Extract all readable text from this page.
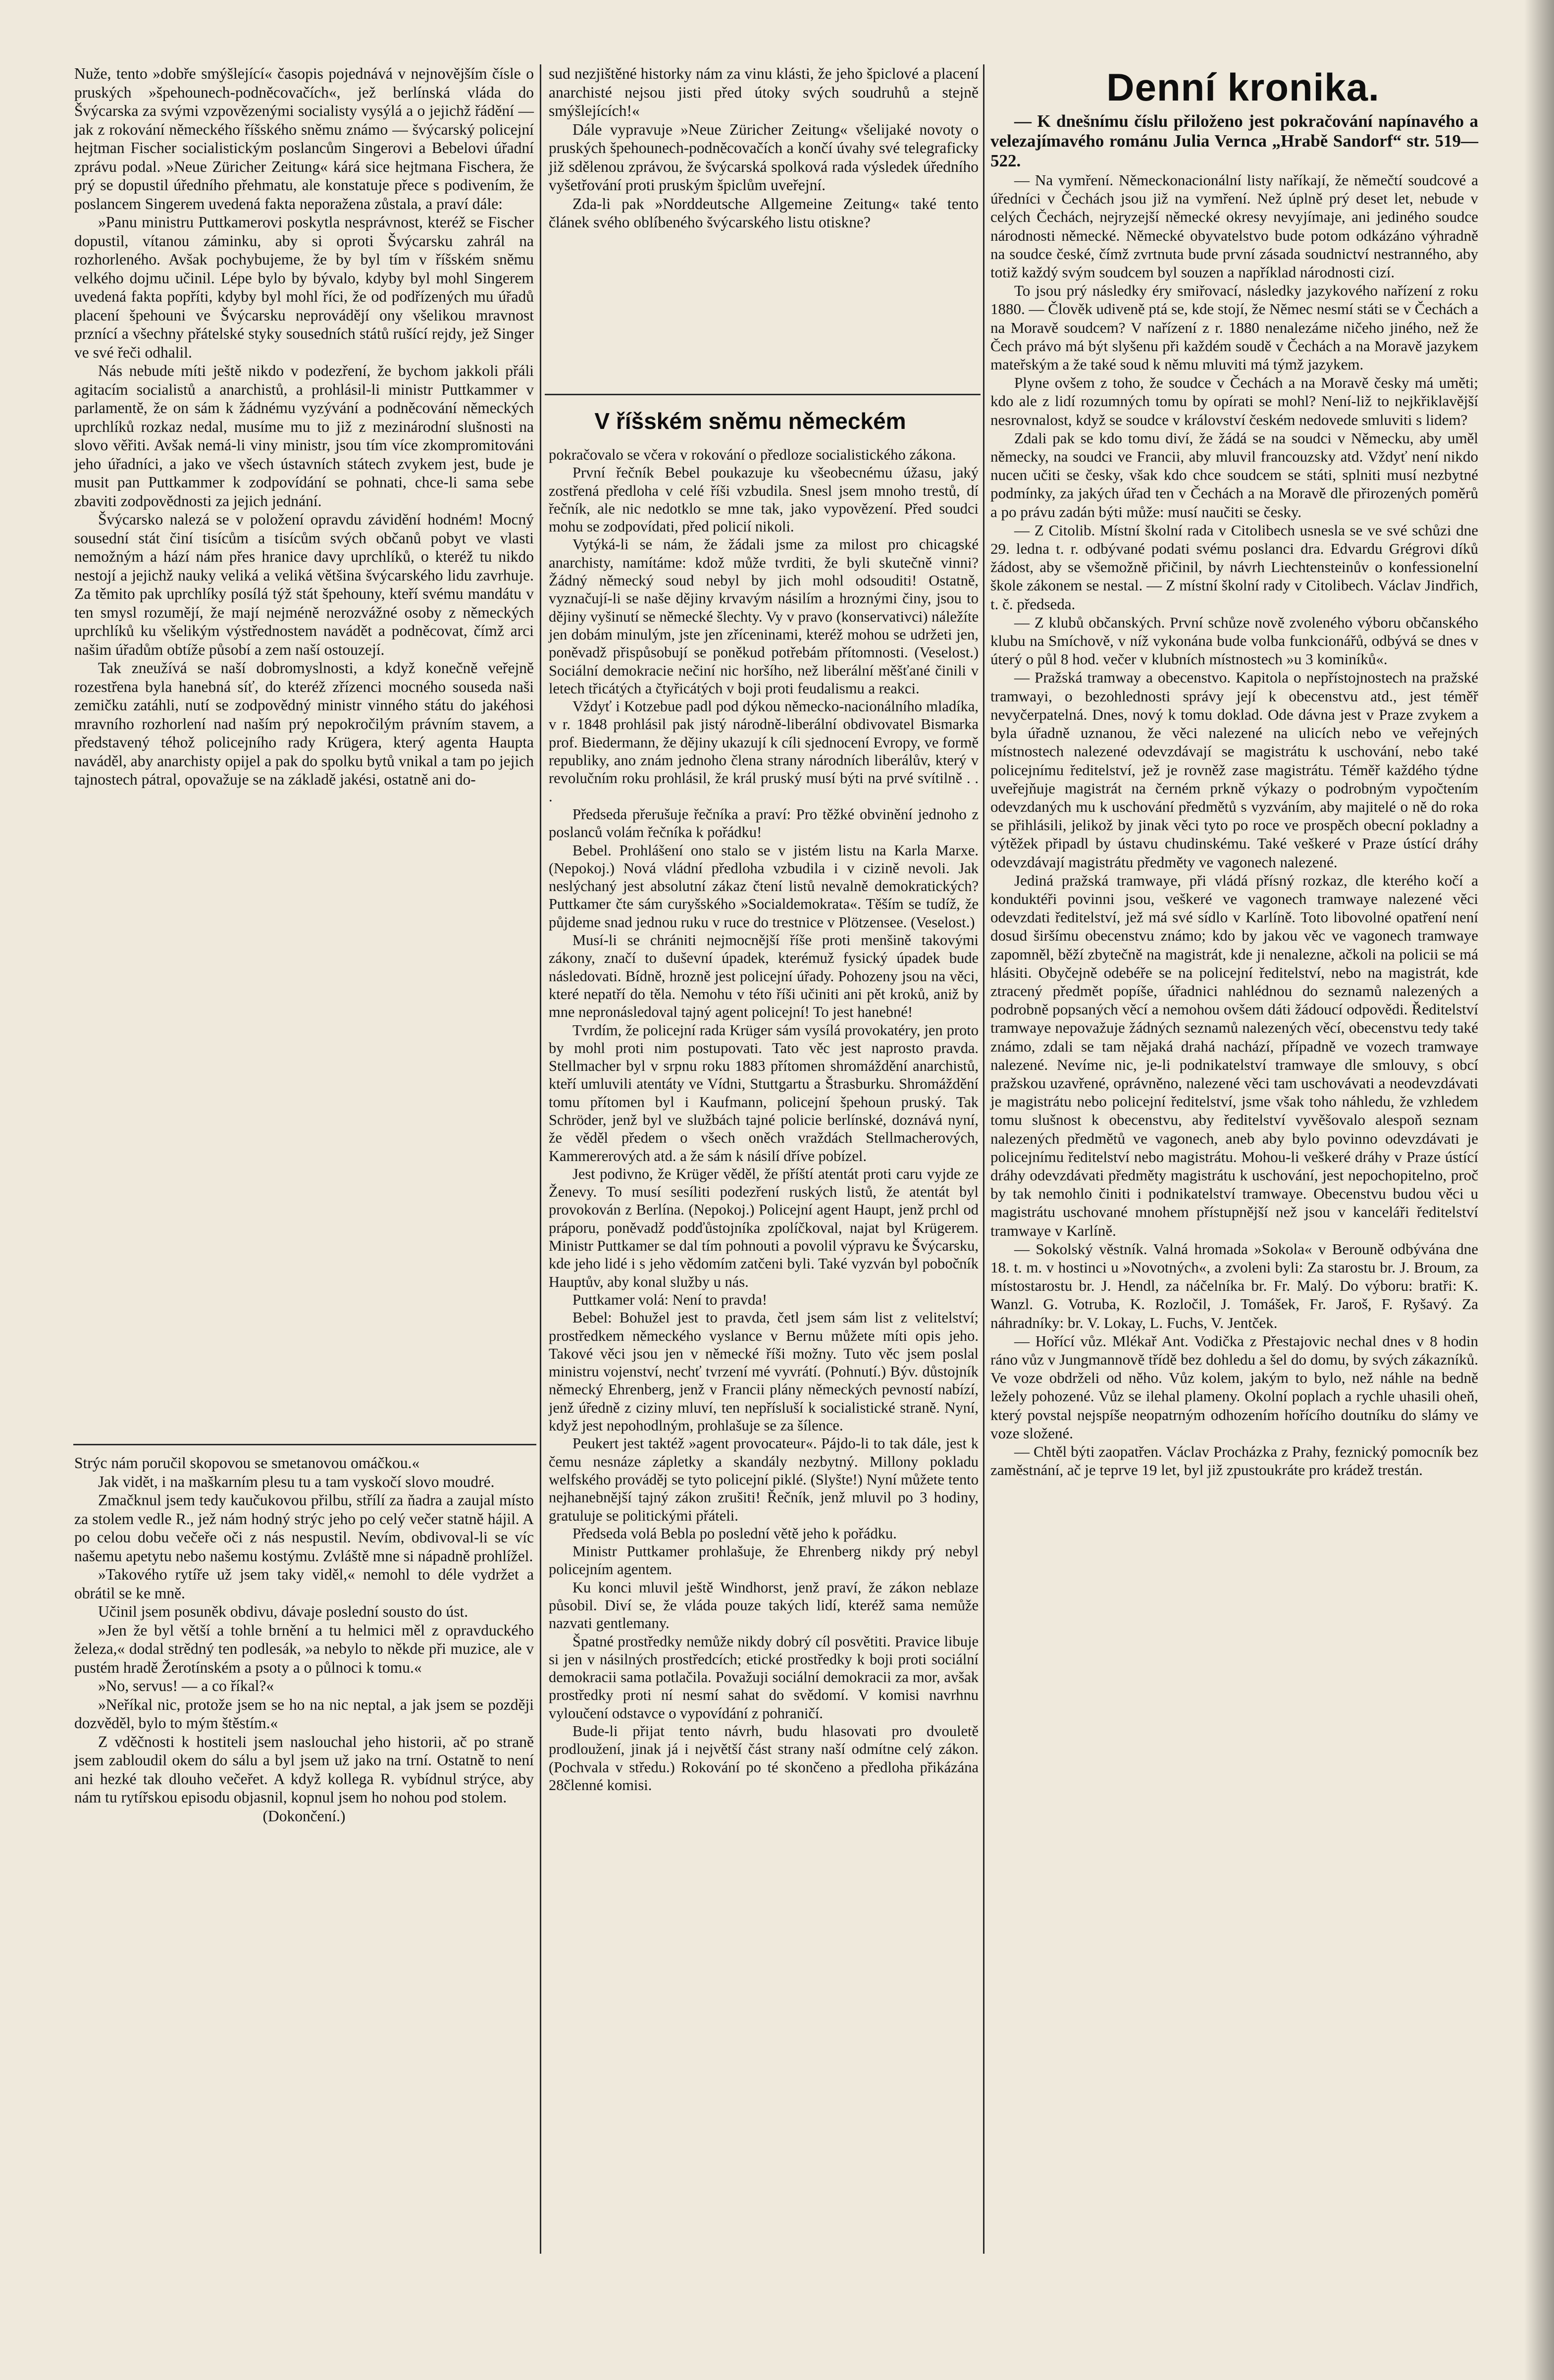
Nuže, tento »dobře smýšlející« časopis pojednává v nejnovějším čísle o pruských »špehounech-podněcovačích«, jež berlínská vláda do Švýcarska za svými vzpovězenými socialisty vysýlá a o jejichž řádění — jak z rokování německého říšského sněmu známo — švýcarský policejní hejtman Fischer socialistickým poslancům Singerovi a Bebelovi úřadní zprávu podal. »Neue Züricher Zeitung« kárá sice hejtmana Fischera, že prý se dopustil úředního přehmatu, ale konstatuje přece s podivením, že poslancem Singerem uvedená fakta neporažena zůstala, a praví dále:

»Panu ministru Puttkamerovi poskytla nesprávnost, kteréž se Fischer dopustil, vítanou záminku, aby si oproti Švýcarsku zahrál na rozhorleného. Avšak pochybujeme, že by byl tím v říšském sněmu velkého dojmu učinil. Lépe bylo by bývalo, kdyby byl mohl Singerem uvedená fakta popříti, kdyby byl mohl říci, že od podřízených mu úřadů placení špehouni ve Švýcarsku neprovádějí ony všelikou mravnost prznící a všechny přátelské styky sousedních států rušící rejdy, jež Singer ve své řeči odhalil.

Nás nebude míti ještě nikdo v podezření, že bychom jakkoli přáli agitacím socialistů a anarchistů, a prohlásil-li ministr Puttkammer v parlamentě, že on sám k žádnému vyzývání a podněcování německých uprchlíků rozkaz nedal, musíme mu to již z mezinárodní slušnosti na slovo věřiti. Avšak nemá-li viny ministr, jsou tím více zkompromitováni jeho úřadníci, a jako ve všech ústavních státech zvykem jest, bude je musit pan Puttkammer k zodpovídání se pohnati, chce-li sama sebe zbaviti zodpovědnosti za jejich jednání.

Švýcarsko nalezá se v položení opravdu závidění hodném! Mocný sousední stát činí tisícům a tisícům svých občanů pobyt ve vlasti nemožným a hází nám přes hranice davy uprchlíků, o kteréž tu nikdo nestojí a jejichž nauky veliká a veliká většina švýcarského lidu zavrhuje. Za těmito pak uprchlíky posílá týž stát špehouny, kteří svému mandátu v ten smysl rozumějí, že mají nejméně nerozvážné osoby z německých uprchlíků ku všelikým výstřednostem navádět a podněcovat, čímž arci našim úřadům obtíže působí a zem naší ostouzejí.

Tak zneužívá se naší dobromyslnosti, a když konečně veřejně rozestřena byla hanebná síť, do kteréž zřízenci mocného souseda naši zemičku zatáhli, nutí se zodpovědný ministr vinného státu do jakéhosi mravního rozhorlení nad naším prý nepokročilým právním stavem, a představený téhož policejního rady Krügera, který agenta Haupta naváděl, aby anarchisty opijel a pak do spolku bytů vnikal a tam po jejich tajnostech pátral, opovažuje se na základě jakési, ostatně ani do-

Strýc nám poručil skopovou se smetanovou omáčkou.«

Jak vidět, i na maškarním plesu tu a tam vyskočí slovo moudré.

Zmačknul jsem tedy kaučukovou přilbu, střílí za ňadra a zaujal místo za stolem vedle R., jež nám hodný strýc jeho po celý večer statně hájil. A po celou dobu večeře oči z nás nespustil. Nevím, obdivoval-li se víc našemu apetytu nebo našemu kostýmu. Zvláště mne si nápadně prohlížel.

»Takového rytíře už jsem taky viděl,« nemohl to déle vydržet a obrátil se ke mně.

Učinil jsem posuněk obdivu, dávaje poslední sousto do úst.

»Jen že byl větší a tohle brnění a tu helmici měl z opravduckého železa,« dodal strědný ten podlesák, »a nebylo to někde při muzice, ale v pustém hradě Žerotínském a psoty a o půlnoci k tomu.«

»No, servus! — a co říkal?«

»Neříkal nic, protože jsem se ho na nic neptal, a jak jsem se později dozvěděl, bylo to mým štěstím.«

Z vděčnosti k hostiteli jsem naslouchal jeho historii, ač po straně jsem zabloudil okem do sálu a byl jsem už jako na trní. Ostatně to není ani hezké tak dlouho večeřet. A když kollega R. vybídnul strýce, aby nám tu rytířskou episodu objasnil, kopnul jsem ho nohou pod stolem.

(Dokončení.)

sud nezjištěné historky nám za vinu klásti, že jeho špiclové a placení anarchisté nejsou jisti před útoky svých soudruhů a stejně smýšlejících!«

Dále vypravuje »Neue Züricher Zeitung« všelijaké novoty o pruských špehounech-podněcovačích a končí úvahy své telegraficky již sdělenou zprávou, že švýcarská spolková rada výsledek úředního vyšetřování proti pruským špiclům uveřejní.

Zda-li pak »Norddeutsche Allgemeine Zeitung« také tento článek svého oblíbeného švýcarského listu otiskne?

V říšském sněmu německém

pokračovalo se včera v rokování o předloze socialistického zákona.

První řečník Bebel poukazuje ku všeobecnému úžasu, jaký zostřená předloha v celé říši vzbudila. Snesl jsem mnoho trestů, dí řečník, ale nic nedotklo se mne tak, jako vypovězení. Před soudci mohu se zodpovídati, před policií nikoli.

Vytýká-li se nám, že žádali jsme za milost pro chicagské anarchisty, namítáme: kdož může tvrditi, že byli skutečně vinni? Žádný německý soud nebyl by jich mohl odsouditi! Ostatně, vyznačují-li se naše dějiny krvavým násilím a hroznými činy, jsou to dějiny vyšinutí se německé šlechty. Vy v pravo (konservativci) náležíte jen dobám minulým, jste jen zříceninami, kteréž mohou se udržeti jen, poněvadž přispůsobují se poněkud potřebám přítomnosti. (Veselost.) Sociální demokracie nečiní nic horšího, než liberální měšťané činili v letech třicátých a čtyřicátých v boji proti feudalismu a reakci.

Vždyť i Kotzebue padl pod dýkou německo-nacionálního mladíka, v r. 1848 prohlásil pak jistý národně-liberální obdivovatel Bismarka prof. Biedermann, že dějiny ukazují k cíli sjednocení Evropy, ve formě republiky, ano znám jednoho člena strany národních liberálův, který v revolučním roku prohlásil, že král pruský musí býti na prvé svítilně . . .

Předseda přerušuje řečníka a praví: Pro těžké obvinění jednoho z poslanců volám řečníka k pořádku!

Bebel. Prohlášení ono stalo se v jistém listu na Karla Marxe. (Nepokoj.) Nová vládní předloha vzbudila i v cizině nevoli. Jak neslýchaný jest absolutní zákaz čtení listů nevalně demokratických? Puttkamer čte sám curyšského »Socialdemokrata«. Těším se tudíž, že půjdeme snad jednou ruku v ruce do trestnice v Plötzensee. (Veselost.)

Musí-li se chrániti nejmocnější říše proti menšině takovými zákony, značí to duševní úpadek, kterémuž fysický úpadek bude následovati. Bídně, hrozně jest policejní úřady. Pohozeny jsou na věci, které nepatří do těla. Nemohu v této říši učiniti ani pět kroků, aniž by mne nepronásledoval tajný agent policejní! To jest hanebné!

Tvrdím, že policejní rada Krüger sám vysílá provokatéry, jen proto by mohl proti nim postupovati. Tato věc jest naprosto pravda. Stellmacher byl v srpnu roku 1883 přítomen shromáždění anarchistů, kteří umluvili atentáty ve Vídni, Stuttgartu a Štrasburku. Shromáždění tomu přítomen byl i Kaufmann, policejní špehoun pruský. Tak Schröder, jenž byl ve službách tajné policie berlínské, doznává nyní, že věděl předem o všech oněch vraždách Stellmacherových, Kammererových atd. a že sám k násilí dříve pobízel.

Jest podivno, že Krüger věděl, že příští atentát proti caru vyjde ze Ženevy. To musí sesíliti podezření ruských listů, že atentát byl provokován z Berlína. (Nepokoj.) Policejní agent Haupt, jenž prchl od práporu, poněvadž podďůstojníka zpolíčkoval, najat byl Krügerem. Ministr Puttkamer se dal tím pohnouti a povolil výpravu ke Švýcarsku, kde jeho lidé i s jeho vědomím zatčeni byli. Také vyzván byl pobočník Hauptův, aby konal služby u nás.

Puttkamer volá: Není to pravda!

Bebel: Bohužel jest to pravda, četl jsem sám list z velitelství; prostředkem německého vyslance v Bernu můžete míti opis jeho. Takové věci jsou jen v německé říši možny. Tuto věc jsem poslal ministru vojenství, nechť tvrzení mé vyvrátí. (Pohnutí.) Býv. důstojník německý Ehrenberg, jenž v Francii plány německých pevností nabízí, jenž úředně z ciziny mluví, ten nepřísluší k socialistické straně. Nyní, když jest nepohodlným, prohlašuje se za šílence.

Peukert jest taktéž »agent provocateur«. Pájdo-li to tak dále, jest k čemu nesnáze zápletky a skandály nezbytný. Millony pokladu welfského prováděj se tyto policejní piklé. (Slyšte!) Nyní můžete tento nejhanebnější tajný zákon zrušiti! Řečník, jenž mluvil po 3 hodiny, gratuluje se politickými přáteli.

Předseda volá Bebla po poslední větě jeho k pořádku.

Ministr Puttkamer prohlašuje, že Ehrenberg nikdy prý nebyl policejním agentem.

Ku konci mluvil ještě Windhorst, jenž praví, že zákon neblaze působil. Diví se, že vláda pouze takých lidí, kteréž sama nemůže nazvati gentlemany.

Špatné prostředky nemůže nikdy dobrý cíl posvětiti. Pravice libuje si jen v násilných prostředcích; etické prostředky k boji proti sociální demokracii sama potlačila. Považuji sociální demokracii za mor, avšak prostředky proti ní nesmí sahat do svědomí. V komisi navrhnu vyloučení odstavce o vypovídání z pohraničí.

Bude-li přijat tento návrh, budu hlasovati pro dvouletě prodloužení, jinak já i největší část strany naší odmítne celý zákon. (Pochvala v středu.) Rokování po té skončeno a předloha přikázána 28členné komisi.

Denní kronika.

— K dnešnímu číslu přiloženo jest pokračování napínavého a velezajímavého románu Julia Vernca „Hrabě Sandorf“ str. 519—522.

— Na vymření. Německonacionální listy naříkají, že němečtí soudcové a úředníci v Čechách jsou již na vymření. Než úplně prý deset let, nebude v celých Čechách, nejryzejší německé okresy nevyjímaje, ani jediného soudce národnosti německé. Německé obyvatelstvo bude potom odkázáno výhradně na soudce české, čímž zvrtnuta bude první zásada soudnictví nestranného, aby totiž každý svým soudcem byl souzen a například národnosti cizí.

To jsou prý následky éry smiřovací, následky jazykového nařízení z roku 1880. — Člověk udiveně ptá se, kde stojí, že Němec nesmí státi se v Čechách a na Moravě soudcem? V nařízení z r. 1880 nenalezáme ničeho jiného, než že Čech právo má být slyšenu při každém soudě v Čechách a na Moravě jazykem mateřským a že také soud k němu mluviti má týmž jazykem.

Plyne ovšem z toho, že soudce v Čechách a na Moravě česky má uměti; kdo ale z lidí rozumných tomu by opírati se mohl? Není-liž to nejkřiklavější nesrovnalost, když se soudce v království českém nedovede smluviti s lidem?

Zdali pak se kdo tomu diví, že žádá se na soudci v Německu, aby uměl německy, na soudci ve Francii, aby mluvil francouzsky atd. Vždyť není nikdo nucen učiti se česky, však kdo chce soudcem se státi, splniti musí nezbytné podmínky, za jakých úřad ten v Čechách a na Moravě dle přirozených poměrů a po právu zadán býti může: musí naučiti se česky.

— Z Citolib. Místní školní rada v Citolibech usnesla se ve své schůzi dne 29. ledna t. r. odbývané podati svému poslanci dra. Edvardu Grégrovi díků žádost, aby se všemožně přičinil, by návrh Liechtensteinův o konfessionelní škole zákonem se nestal. — Z místní školní rady v Citolibech. Václav Jindřich, t. č. předseda.

— Z klubů občanských. První schůze nově zvoleného výboru občanského klubu na Smíchově, v níž vykonána bude volba funkcionářů, odbývá se dnes v úterý o půl 8 hod. večer v klubních místnostech »u 3 kominíků«.

— Pražská tramway a obecenstvo. Kapitola o nepřístojnostech na pražské tramwayi, o bezohlednosti správy její k obecenstvu atd., jest téměř nevyčerpatelná. Dnes, nový k tomu doklad. Ode dávna jest v Praze zvykem a byla úřadně uznanou, že věci nalezené na ulicích nebo ve veřejných místnostech nalezené odevzdávají se magistrátu k uschování, nebo také policejnímu ředitelství, jež je rovněž zase magistrátu. Téměř každého týdne uveřejňuje magistrát na černém prkně výkazy o podrobným vypočtením odevzdaných mu k uschování předmětů s vyzváním, aby majitelé o ně do roka se přihlásili, jelikož by jinak věci tyto po roce ve prospěch obecní pokladny a výtěžek připadl by ústavu chudinskému. Také veškeré v Praze ústící dráhy odevzdávají magistrátu předměty ve vagonech nalezené.

Jediná pražská tramwaye, při vládá přísný rozkaz, dle kterého kočí a konduktéři povinni jsou, veškeré ve vagonech tramwaye nalezené věci odevzdati ředitelství, jež má své sídlo v Karlíně. Toto libovolné opatření není dosud širšímu obecenstvu známo; kdo by jakou věc ve vagonech tramwaye zapomněl, běží zbytečně na magistrát, kde ji nenalezne, ačkoli na policii se má hlásiti. Obyčejně odebéře se na policejní ředitelství, nebo na magistrát, kde ztracený předmět popíše, úřadnici nahlédnou do seznamů nalezených a podrobně popsaných věcí a nemohou ovšem dáti žádoucí odpovědi. Ředitelství tramwaye nepovažuje žádných seznamů nalezených věcí, obecenstvu tedy také známo, zdali se tam nějaká drahá nachází, případně ve vozech tramwaye nalezené. Nevíme nic, je-li podnikatelství tramwaye dle smlouvy, s obcí pražskou uzavřené, oprávněno, nalezené věci tam uschovávati a neodevzdávati je magistrátu nebo policejní ředitelství, jsme však toho náhledu, že vzhledem tomu slušnost k obecenstvu, aby ředitelství vyvěšovalo alespoň seznam nalezených předmětů ve vagonech, aneb aby bylo povinno odevzdávati je policejnímu ředitelství nebo magistrátu. Mohou-li veškeré dráhy v Praze ústící dráhy odevzdávati předměty magistrátu k uschování, jest nepochopitelno, proč by tak nemohlo činiti i podnikatelství tramwaye. Obecenstvu budou věci u magistrátu uschované mnohem přístupnější než jsou v kanceláři ředitelství tramwaye v Karlíně.

— Sokolský věstník. Valná hromada »Sokola« v Berouně odbývána dne 18. t. m. v hostinci u »Novotných«, a zvoleni byli: Za starostu br. J. Broum, za místostarostu br. J. Hendl, za náčelníka br. Fr. Malý. Do výboru: bratři: K. Wanzl. G. Votruba, K. Rozločil, J. Tomášek, Fr. Jaroš, F. Ryšavý. Za náhradníky: br. V. Lokay, L. Fuchs, V. Jentček.

— Hořící vůz. Mlékař Ant. Vodička z Přestajovic nechal dnes v 8 hodin ráno vůz v Jungmannově třídě bez dohledu a šel do domu, by svých zákazníků. Ve voze obdrželi od něho. Vůz kolem, jakým to bylo, než náhle na bedně ležely pohozené. Vůz se ilehal plameny. Okolní poplach a rychle uhasili oheň, který povstal nejspíše neopatrným odhozením hořícího doutníku do slámy ve voze složené.

— Chtěl býti zaopatřen. Václav Procházka z Prahy, feznický pomocník bez zaměstnání, ač je teprve 19 let, byl již zpustoukráte pro krádež trestán.
